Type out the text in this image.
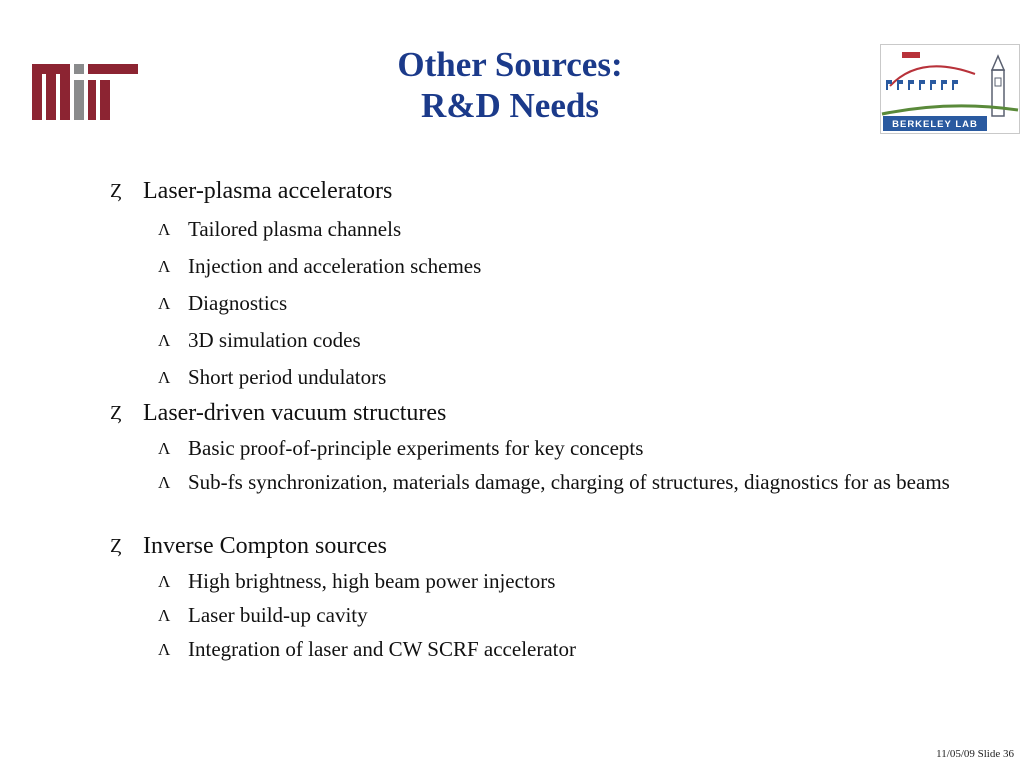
Other Sources:
R&D Needs	BERKELEY LAB
Ȥ Laser-plasma accelerators
Ʌ Tailored plasma channels
Ʌ Injection and acceleration schemes
Ʌ Diagnostics
Ʌ 3D simulation codes
Ʌ Short period undulators
Ȥ Laser-driven vacuum structures
Ʌ Basic proof-of-principle experiments for key concepts
Ʌ Sub-fs synchronization, materials damage, charging of structures, diagnostics for as beams
Ȥ Inverse Compton sources
Ʌ High brightness, high beam power injectors
Ʌ Laser build-up cavity
Ʌ Integration of laser and CW SCRF accelerator
11/05/09 Slide 36
